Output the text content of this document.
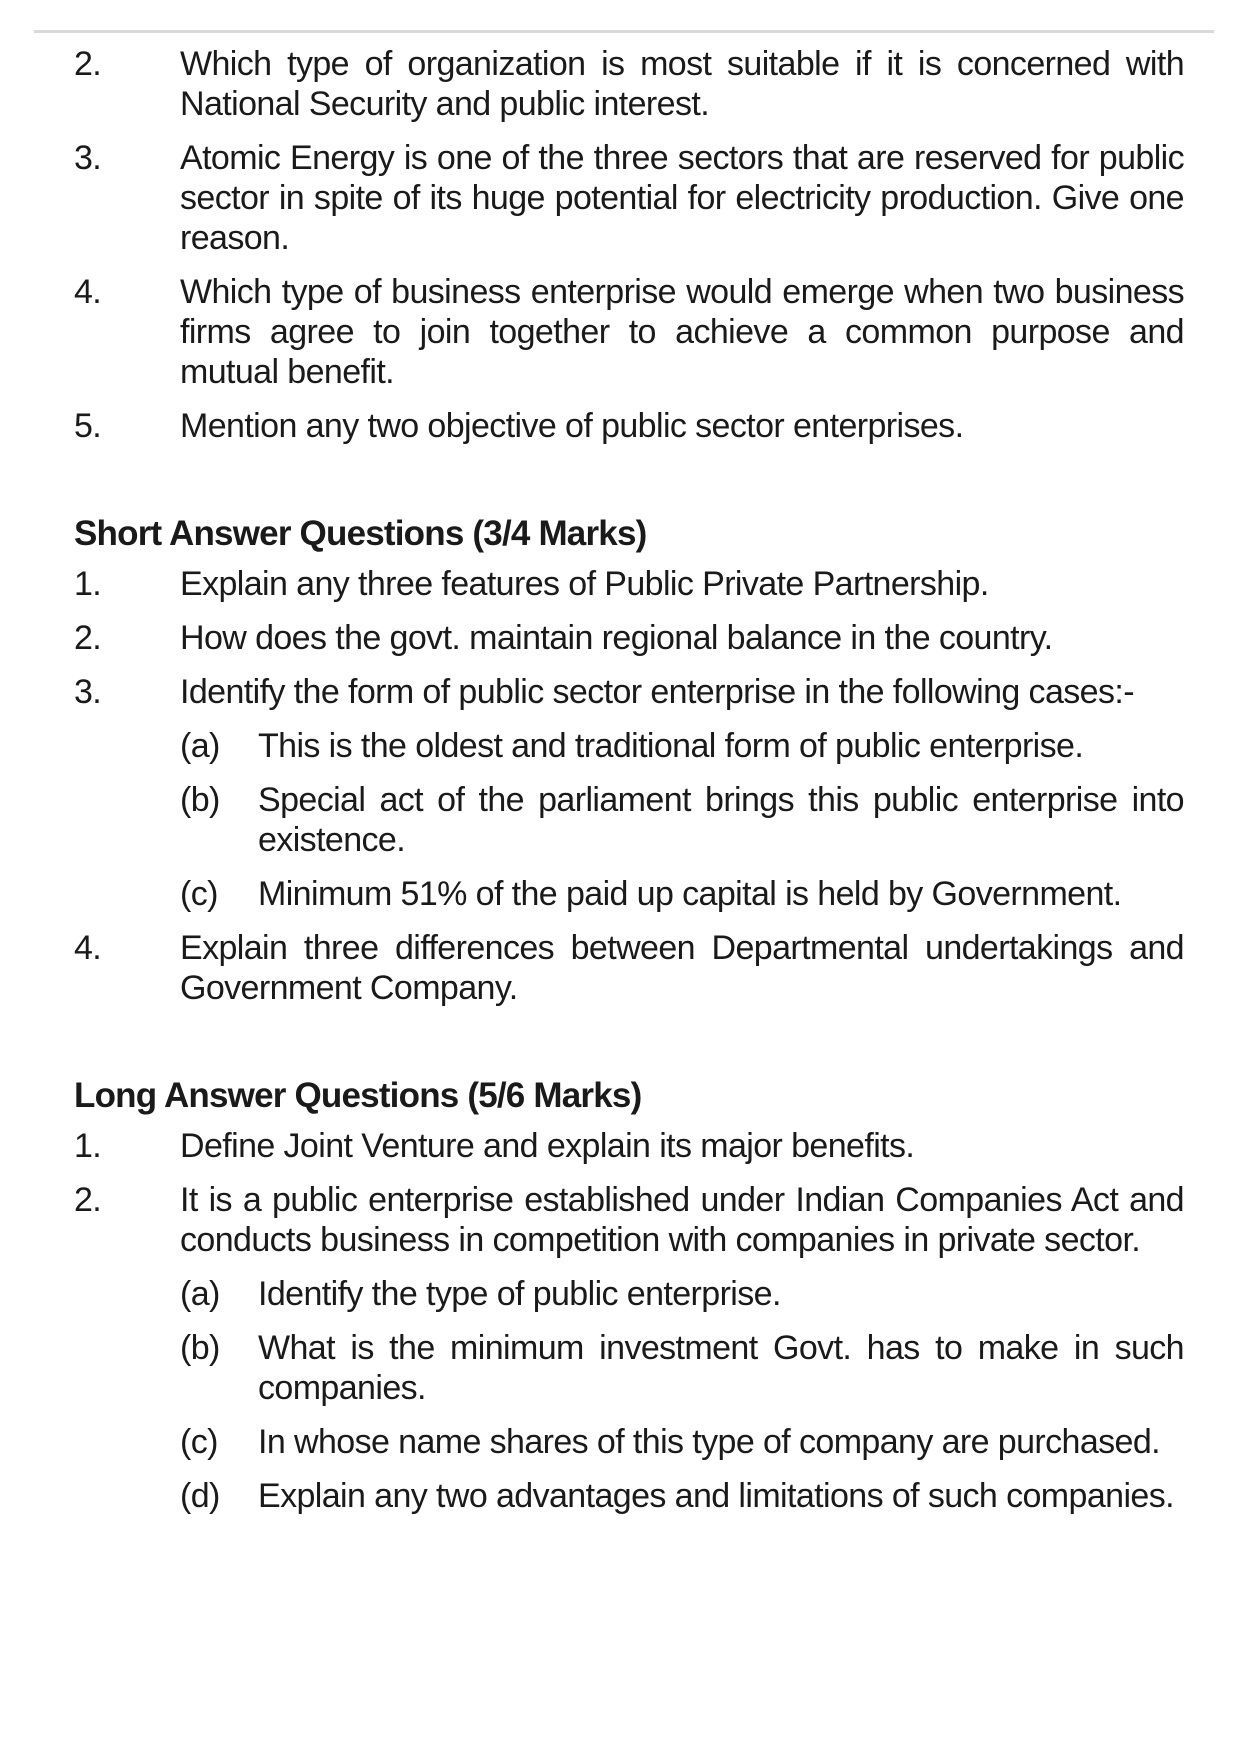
2.	Which type of organization is most suitable if it is concerned with National Security and public interest.
3.	Atomic Energy is one of the three sectors that are reserved for public sector in spite of its huge potential for electricity production. Give one reason.
4.	Which type of business enterprise would emerge when two business firms agree to join together to achieve a common purpose and mutual benefit.
5.	Mention any two objective of public sector enterprises.
Short Answer Questions (3/4 Marks)
1.	Explain any three features of Public Private Partnership.
2.	How does the govt. maintain regional balance in the country.
3.	Identify the form of public sector enterprise in the following cases:-
(a)	This is the oldest and traditional form of public enterprise.
(b)	Special act of the parliament brings this public enterprise into existence.
(c)	Minimum 51% of the paid up capital is held by Government.
4.	Explain three differences between Departmental undertakings and Government Company.
Long Answer Questions (5/6 Marks)
1.	Define Joint Venture and explain its major benefits.
2.	It is a public enterprise established under Indian Companies Act and conducts business in competition with companies in private sector.
(a)	Identify the type of public enterprise.
(b)	What is the minimum investment Govt. has to make in such companies.
(c)	In whose name shares of this type of company are purchased.
(d)	Explain any two advantages and limitations of such companies.
